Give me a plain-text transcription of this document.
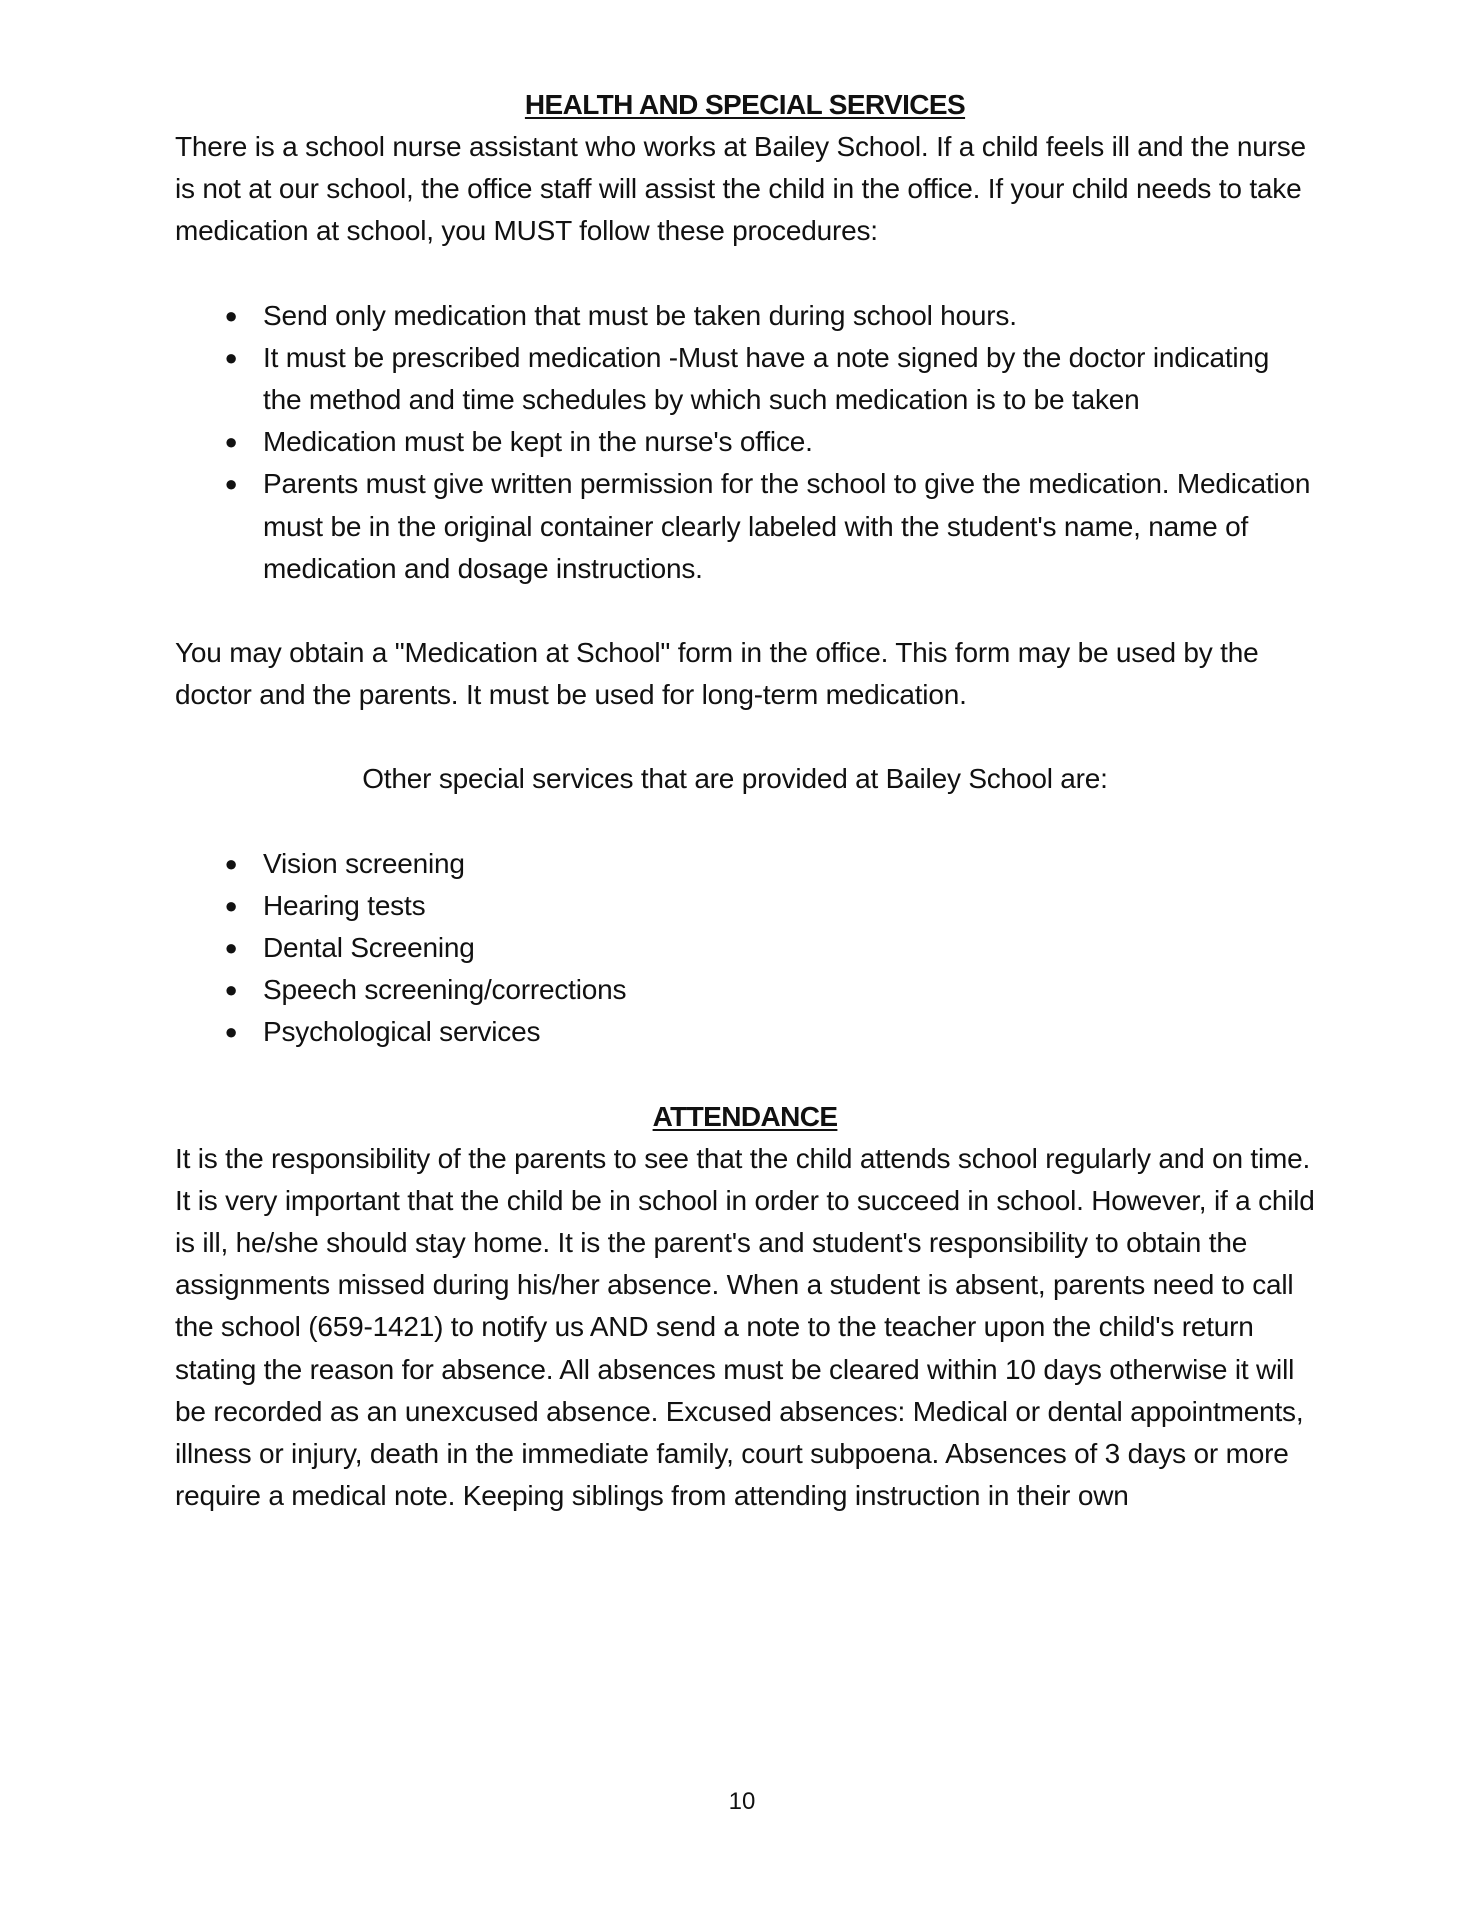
HEALTH AND SPECIAL SERVICES

There is a school nurse assistant who works at Bailey School. If a child feels ill and the nurse is not at our school, the office staff will assist the child in the office. If your child needs to take medication at school, you MUST follow these procedures:

● Send only medication that must be taken during school hours.
● It must be prescribed medication -Must have a note signed by the doctor indicating the method and time schedules by which such medication is to be taken
● Medication must be kept in the nurse's office.
● Parents must give written permission for the school to give the medication. Medication must be in the original container clearly labeled with the student's name, name of medication and dosage instructions.

You may obtain a "Medication at School" form in the office. This form may be used by the doctor and the parents. It must be used for long-term medication.

Other special services that are provided at Bailey School are:

● Vision screening
● Hearing tests
● Dental Screening
● Speech screening/corrections
● Psychological services
ATTENDANCE

It is the responsibility of the parents to see that the child attends school regularly and on time. It is very important that the child be in school in order to succeed in school. However, if a child is ill, he/she should stay home. It is the parent's and student's responsibility to obtain the assignments missed during his/her absence. When a student is absent, parents need to call the school (659-1421) to notify us AND send a note to the teacher upon the child's return stating the reason for absence. All absences must be cleared within 10 days otherwise it will be recorded as an unexcused absence. Excused absences: Medical or dental appointments, illness or injury, death in the immediate family, court subpoena. Absences of 3 days or more require a medical note. Keeping siblings from attending instruction in their own

10
